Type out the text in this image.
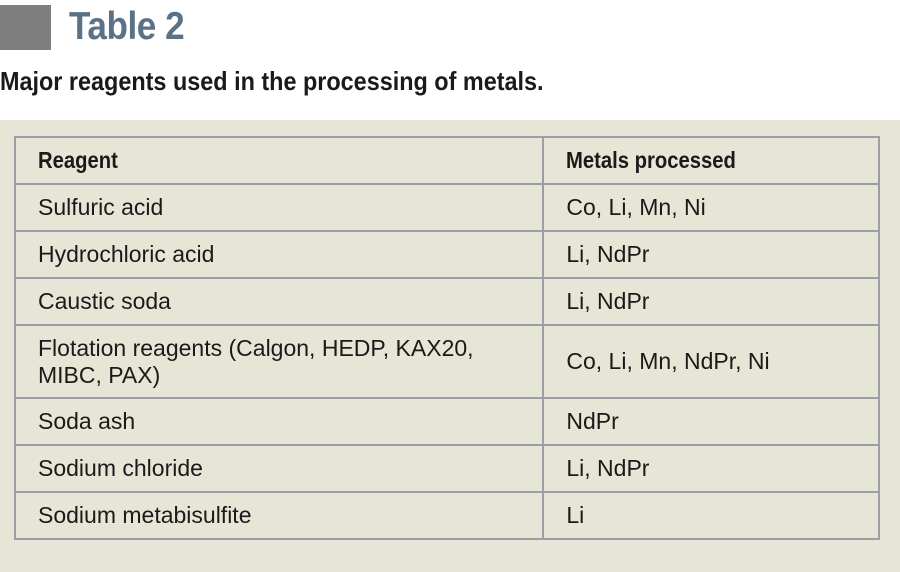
Table 2
Major reagents used in the processing of metals.
Reagent	Metals processed
Sulfuric acid	Co, Li, Mn, Ni
Hydrochloric acid	Li, NdPr
Caustic soda	Li, NdPr
Flotation reagents (Calgon, HEDP, KAX20, MIBC, PAX)	Co, Li, Mn, NdPr, Ni
Soda ash	NdPr
Sodium chloride	Li, NdPr
Sodium metabisulfite	Li
